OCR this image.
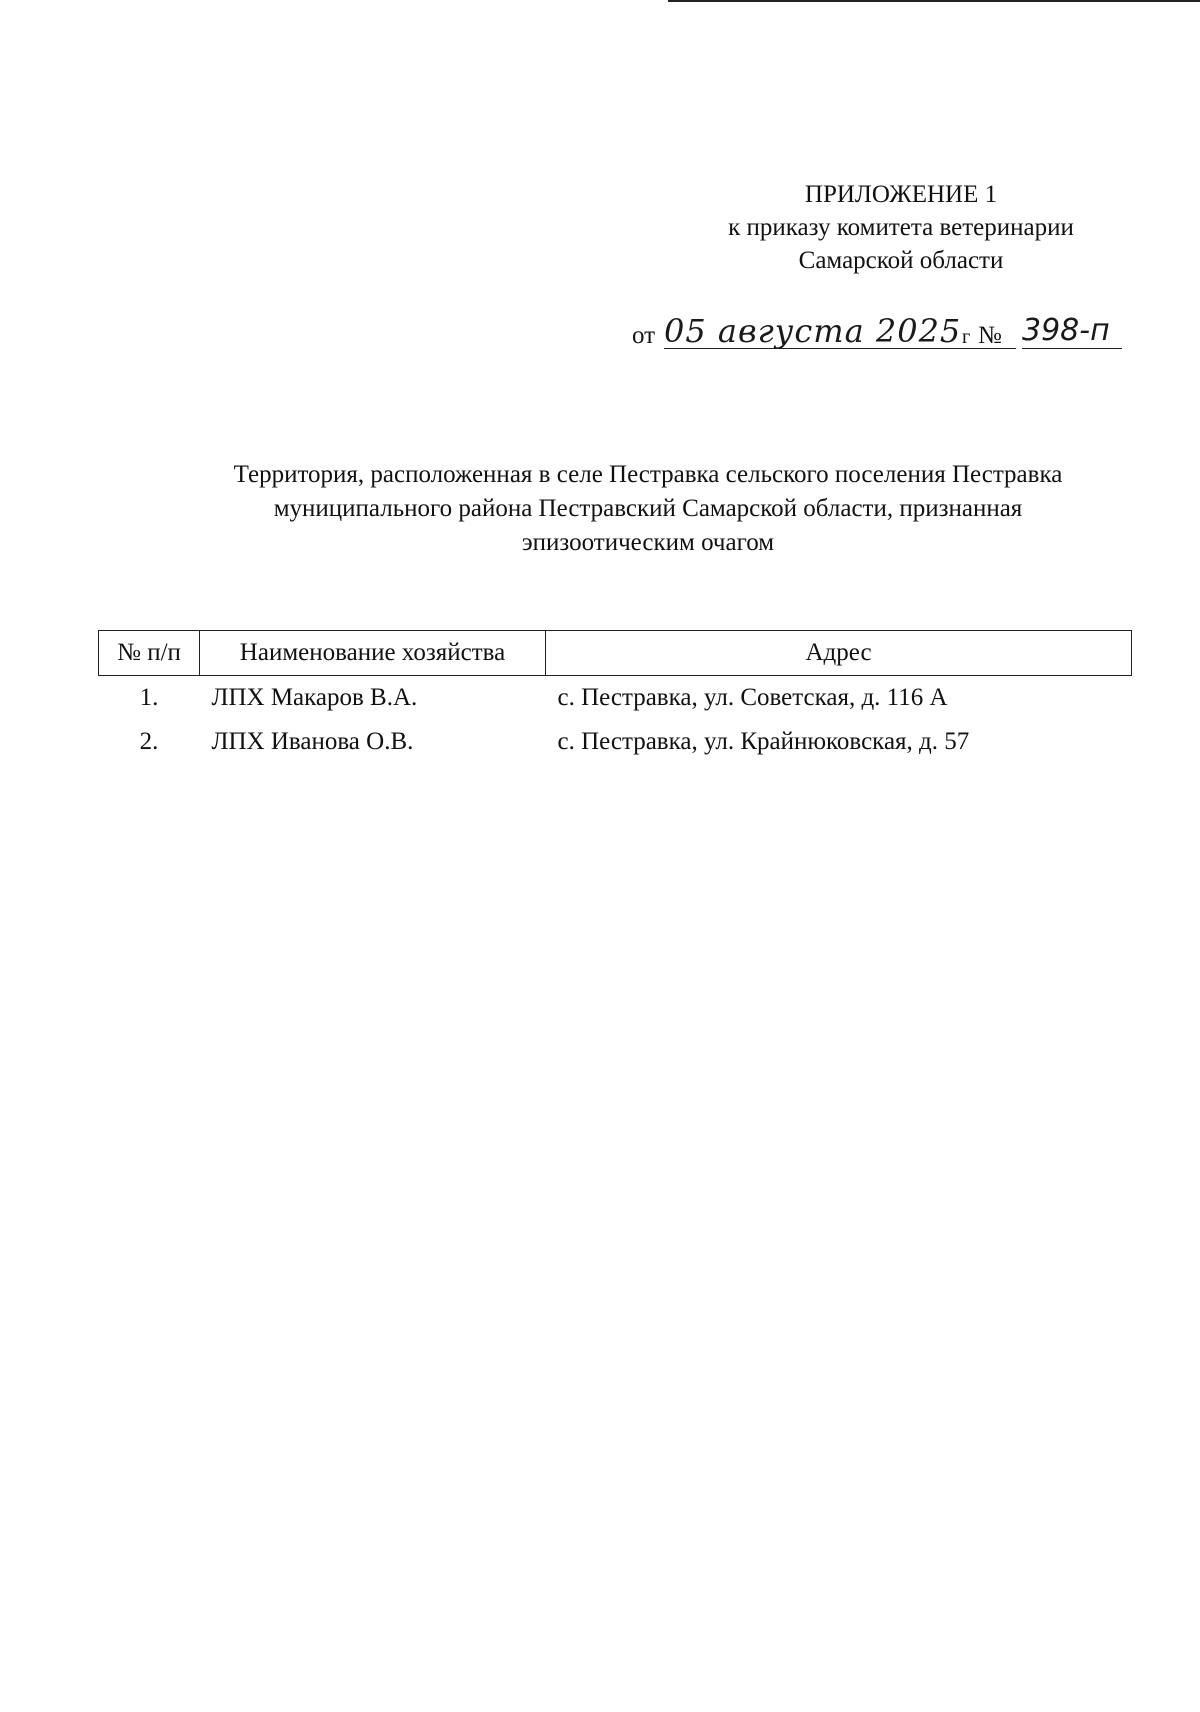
ПРИЛОЖЕНИЕ 1
к приказу комитета ветеринарии
Самарской области
от 05 августа 2025 г № 398-п
Территория, расположенная в селе Пестравка сельского поселения Пестравка
муниципального района Пестравский Самарской области, признанная
эпизоотическим очагом
№ п/п	Наименование хозяйства	Адрес
1.	ЛПХ Макаров В.А.	с. Пестравка, ул. Советская, д. 116 А
2.	ЛПХ Иванова О.В.	с. Пестравка, ул. Крайнюковская, д. 57
